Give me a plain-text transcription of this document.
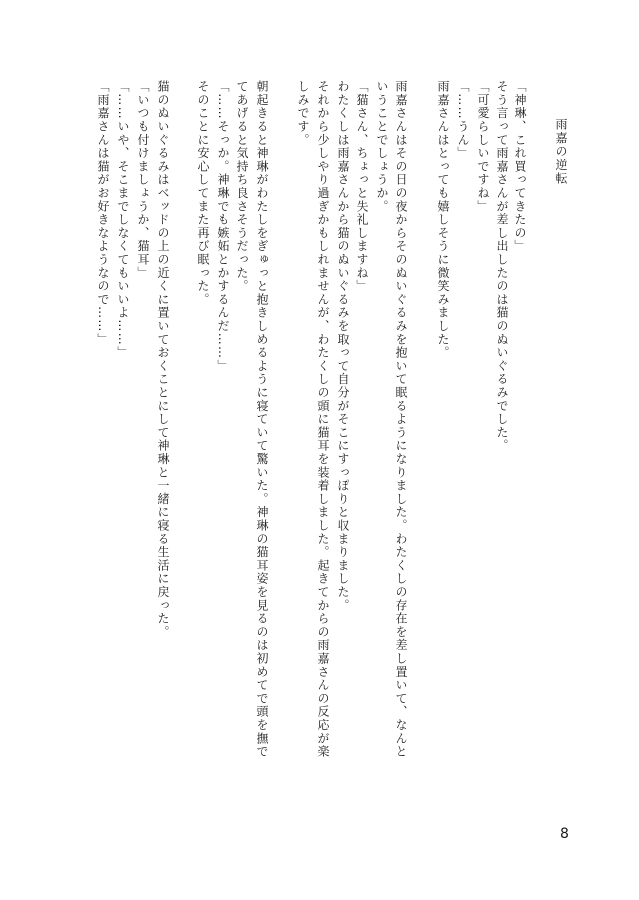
雨嘉の逆転
「神琳、これ買ってきたの」
そう言って雨嘉さんが差し出したのは猫のぬいぐるみでした。
「可愛らしいですね」
「……うん」
雨嘉さんはとっても嬉しそうに微笑みました。
雨嘉さんはその日の夜からそのぬいぐるみを抱いて眠るようになりました。わたくしの存在を差し置いて、なんと
いうことでしょうか。
「猫さん、ちょっと失礼しますね」
わたくしは雨嘉さんから猫のぬいぐるみを取って自分がそこにすっぽりと収まりました。
それから少しやり過ぎかもしれませんが、わたくしの頭に猫耳を装着しました。起きてからの雨嘉さんの反応が楽
しみです。
朝起きると神琳がわたしをぎゅっと抱きしめるように寝ていて驚いた。神琳の猫耳姿を見るのは初めてで頭を撫で
てあげると気持ち良さそうだった。
「……そっか。神琳でも嫉妬とかするんだ……」
そのことに安心してまた再び眠った。
猫のぬいぐるみはベッドの上の近くに置いておくことにして神琳と一緒に寝る生活に戻った。
「いつも付けましょうか、猫耳」
「……いや、そこまでしなくてもいいよ……」
「雨嘉さんは猫がお好きなようなので……」
8
